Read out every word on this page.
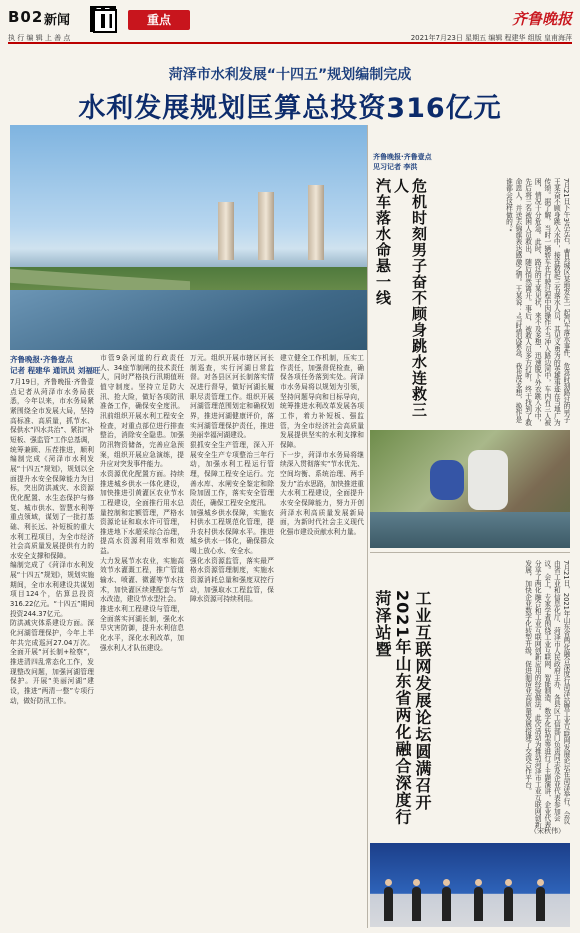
B02 新闻
执 行 编 辑 上 善 点
重点	齐鲁晚报
2021年7月23日 星期五 编辑 程建华 组版 皇甫海萍
菏泽市水利发展“十四五”规划编制完成
水利发展规划匡算总投资316亿元
齐鲁晚报·齐鲁壹点
记者 程建华 通讯员 刘福旺
7月19日，齐鲁晚报·齐鲁壹点记者从菏泽市水务局获悉，今年以来，市水务局紧紧围绕全市发展大局，坚持高标准、高质量，抓节水、保供水“四水共治”、紧扣“补短板、强监管”工作总基调，统筹兼顾、压茬推进，顺利编制完成《菏泽市水利发展“十四五”规划》，规划以全面提升水安全保障能力为目标，突出防洪减灾、水资源优化配置、水生态保护与修复、城市供水、智慧水利等重点领域，谋划了一批打基础、利长远、补短板的重大水利工程项目，为全市经济社会高质量发展提供有力的水安全支撑和保障。
编制完成了《菏泽市水利发展“十四五”规划》，规划实施期间，全市水利建设共谋划项目124个，估算总投资316.22亿元。“十四五”期间投资244.37亿元。
防洪减灾体系建设方面。深化河湖管理保护，今年上半年共完成巡河27.04万次。全面开展“河长制+检察”，推进清四乱常态化工作，发现整改问题，加强河湖管理保护。开展“美丽河湖”建设，推进“两清一整”专项行动，做好防汛工作。
市管9条河道的行政责任人、34座节制闸的技术责任人，同时严格执行汛期值班值守制度。坚持立足防大汛、抢大险，做好各项防汛准备工作，确保安全度汛。汛前组织开展水利工程安全检查，对重点部位进行排查整治，消除安全隐患。加强防汛物资储备，完善应急预案，组织开展应急演练，提升应对突发事件能力。
水资源优化配置方面。持续推进城乡供水一体化建设，加快推进引黄灌区农业节水工程建设，全面推行用水总量控制和定额管理，严格水资源论证和取水许可管理，推进地下水超采综合治理，提高水资源利用效率和效益。
大力发展节水农业，实施高效节水灌溉工程，推广管道输水、喷灌、微灌等节水技术，加快灌区续建配套与节水改造，建设节水型社会。
推进水利工程建设与管理，全面落实河湖长制，强化水旱灾害防御，提升水利信息化水平，深化水利改革，加强水利人才队伍建设。
万元。组织开展市辖区河长制巡查，实行河湖日常监督。对各县区河长制落实情况进行督导，做好河湖长履职尽责管理工作。组织开展河湖管理范围划定和确权划界，推进河湖健康评价，落实河湖管理保护责任，推进美丽幸福河湖建设。
狠抓安全生产管理，深入开展安全生产专项整治三年行动，加强水利工程运行管理，保障工程安全运行。完善水库、水闸安全鉴定和除险加固工作，落实安全管理责任，确保工程安全度汛。
加强城乡供水保障，实施农村供水工程规范化管理，提升农村供水保障水平。推进城乡供水一体化，确保群众喝上放心水、安全水。
强化水资源监管，落实最严格水资源管理制度，实施水资源消耗总量和强度双控行动，加强取水工程监管，保障水资源可持续利用。
建立健全工作机制，压实工作责任，加强督促检查，确保各项任务落到实处。菏泽市水务局将以规划为引领，坚持问题导向和目标导向，统筹推进水利改革发展各项工作，着力补短板、强监管，为全市经济社会高质量发展提供坚实的水利支撑和保障。
下一步，菏泽市水务局将继续深入贯彻落实“节水优先、空间均衡、系统治理、两手发力”治水思路，加快推进重大水利工程建设，全面提升水安全保障能力，努力开创菏泽水利高质量发展新局面，为新时代社会主义现代化强市建设贡献水利力量。
齐鲁晚报·齐鲁壹点
见习记者 李洪
危机时刻男子奋不顾身跳水连救三人
汽车落水命悬一线	7月21日下午3点左右，曹县城区某地发生一起汽车落水事件，危急时刻路过的男子王某奋不顾身跳入水中，接连救起三名落水人员，其见义勇为的英雄事迹在当地广为传颂。据了解，当时一辆轿车在行驶过程中因操作不当冲入路边河中，车内有三人被困，情况十分危急。此时，路过的王某见状，来不及多想，迅速脱下外衣跳入水中，先后将三名被困人员救出，随后悄然离开。事后，被救人员多方打听，终于找到了救命恩人，并送去锦旗表达感激之情。王某说：“当时情况紧急，我也没多想，换作是谁都会这样做的。”
工业互联网发展论坛圆满召开
2021年山东省两化融合深度行菏泽站暨	7月21日，2021年山东省两化融合深度行菏泽站暨工业互联网发展论坛在菏泽举行，会议由省工业和信息化厅、菏泽市人民政府主办，各县区工信部门负责同志及企业代表参加会议。会上，专家学者围绕工业互联网、智能制造、数字化转型等进行了主题演讲，企业代表分享了两化融合和工业互联网创新应用的经验做法。此次活动为推动菏泽市工业互联网创新发展，加快企业数字化转型升级，促进制造业高质量发展搭建了交流合作平台。
（宋秋伟）
